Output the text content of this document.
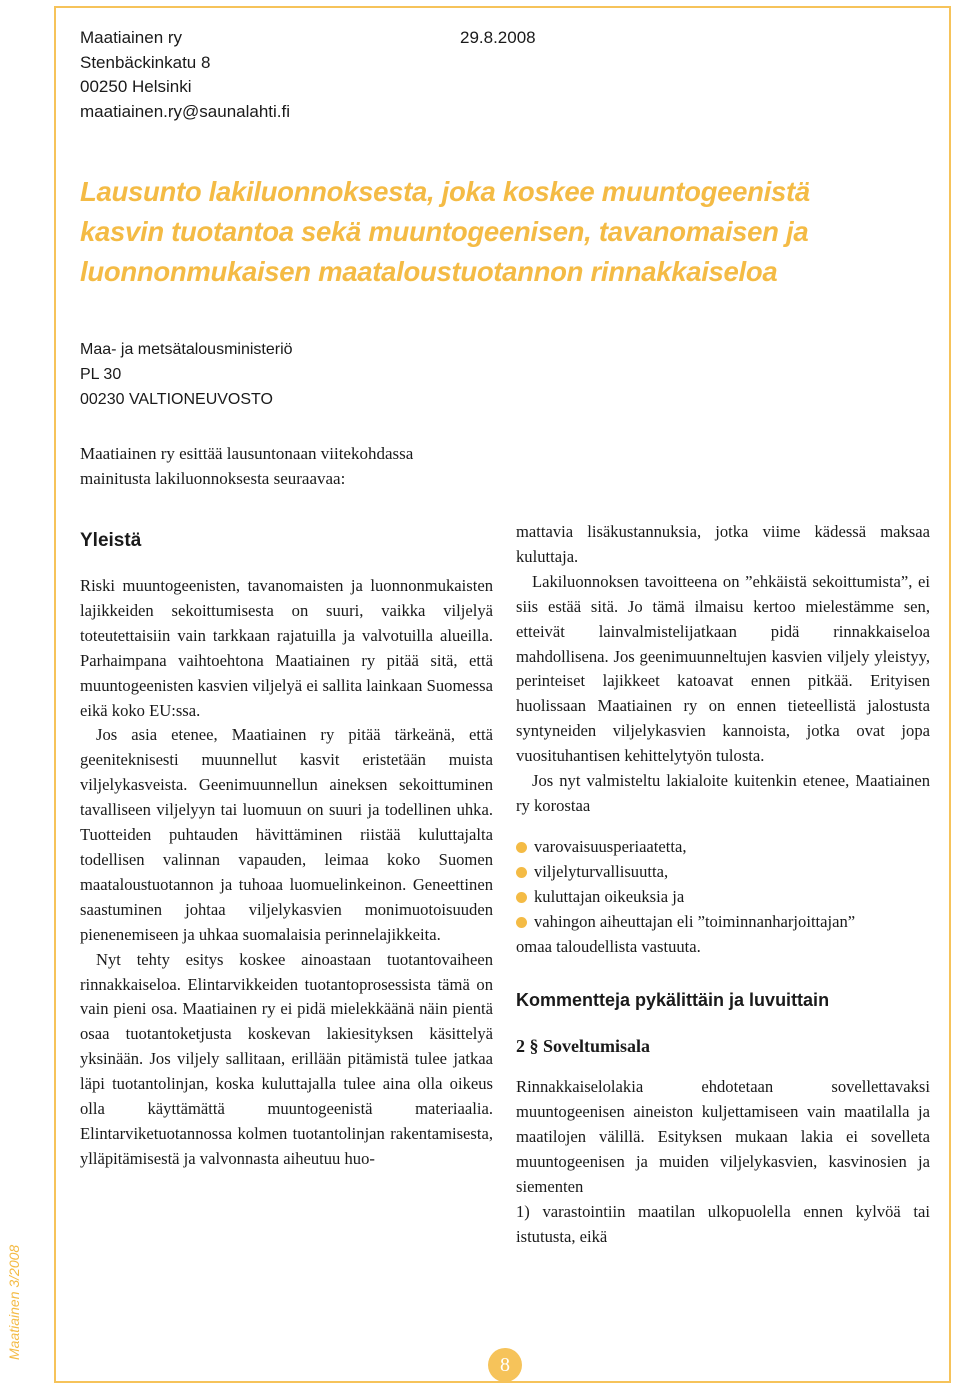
Maatiainen ry
Stenbäckinkatu 8
00250 Helsinki
maatiainen.ry@saunalahti.fi
29.8.2008
Lausunto lakiluonnoksesta, joka koskee muuntogeenistä
kasvin tuotantoa sekä muuntogeenisen, tavanomaisen ja
luonnonmukaisen maataloustuotannon rinnakkaiseloa
Maa- ja metsätalousministeriö
PL 30
00230 VALTIONEUVOSTO
Maatiainen ry esittää lausuntonaan viitekohdassa
mainitusta lakiluonnoksesta seuraavaa:
Yleistä

Riski muuntogeenisten, tavanomaisten ja luonnonmukaisten lajikkeiden sekoittumisesta on suuri, vaikka viljelyä toteutettaisiin vain tarkkaan rajatuilla ja valvotuilla alueilla. Parhaimpana vaihtoehtona Maatiainen ry pitää sitä, että muuntogeenisten kasvien viljelyä ei sallita lainkaan Suomessa eikä koko EU:ssa.

Jos asia etenee, Maatiainen ry pitää tärkeänä, että geeniteknisesti muunnellut kasvit eristetään muista viljelykasveista. Geenimuunnellun aineksen sekoittuminen tavalliseen viljelyyn tai luomuun on suuri ja todellinen uhka. Tuotteiden puhtauden hävittäminen riistää kuluttajalta todellisen valinnan vapauden, leimaa koko Suomen maataloustuotannon ja tuhoaa luomuelinkeinon. Geneettinen saastuminen johtaa viljelykasvien monimuotoisuuden pienenemiseen ja uhkaa suomalaisia perinnelajikkeita.

Nyt tehty esitys koskee ainoastaan tuotantovaiheen rinnakkaiseloa. Elintarvikkeiden tuotantoprosessista tämä on vain pieni osa. Maatiainen ry ei pidä mielekkäänä näin pientä osaa tuotantoketjusta koskevan lakiesityksen käsittelyä yksinään. Jos viljely sallitaan, erillään pitämistä tulee jatkaa läpi tuotantolinjan, koska kuluttajalla tulee aina olla oikeus olla käyttämättä muuntogeenistä materiaalia. Elintarviketuotannossa kolmen tuotantolinjan rakentamisesta, ylläpitämisestä ja valvonnasta aiheutuu huo-

mattavia lisäkustannuksia, jotka viime kädessä maksaa kuluttaja.

Lakiluonnoksen tavoitteena on ”ehkäistä sekoittumista”, ei siis estää sitä. Jo tämä ilmaisu kertoo mielestämme sen, etteivät lainvalmistelijatkaan pidä rinnakkaiseloa mahdollisena. Jos geenimuunneltujen kasvien viljely yleistyy, perinteiset lajikkeet katoavat ennen pitkää. Erityisen huolissaan Maatiainen ry on ennen tieteellistä jalostusta syntyneiden viljelykasvien kannoista, jotka ovat jopa vuosituhantisen kehittelytyön tulosta.

Jos nyt valmisteltu lakialoite kuitenkin etenee, Maatiainen ry korostaa

varovaisuusperiaatetta,
viljelyturvallisuutta,
kuluttajan oikeuksia ja
vahingon aiheuttajan eli ”toiminnanharjoittajan”
omaa taloudellista vastuuta.
Kommentteja pykälittäin ja luvuittain
2 § Soveltumisala

Rinnakkaiselolakia ehdotetaan sovellettavaksi muuntogeenisen aineiston kuljettamiseen vain maatilalla ja maatilojen välillä. Esityksen mukaan lakia ei sovelleta muuntogeenisen ja muiden viljelykasvien, kasvinosien ja siementen

1) varastointiin maatilan ulkopuolella ennen kylvöä tai istutusta, eikä

Maatiainen 3/2008
8
